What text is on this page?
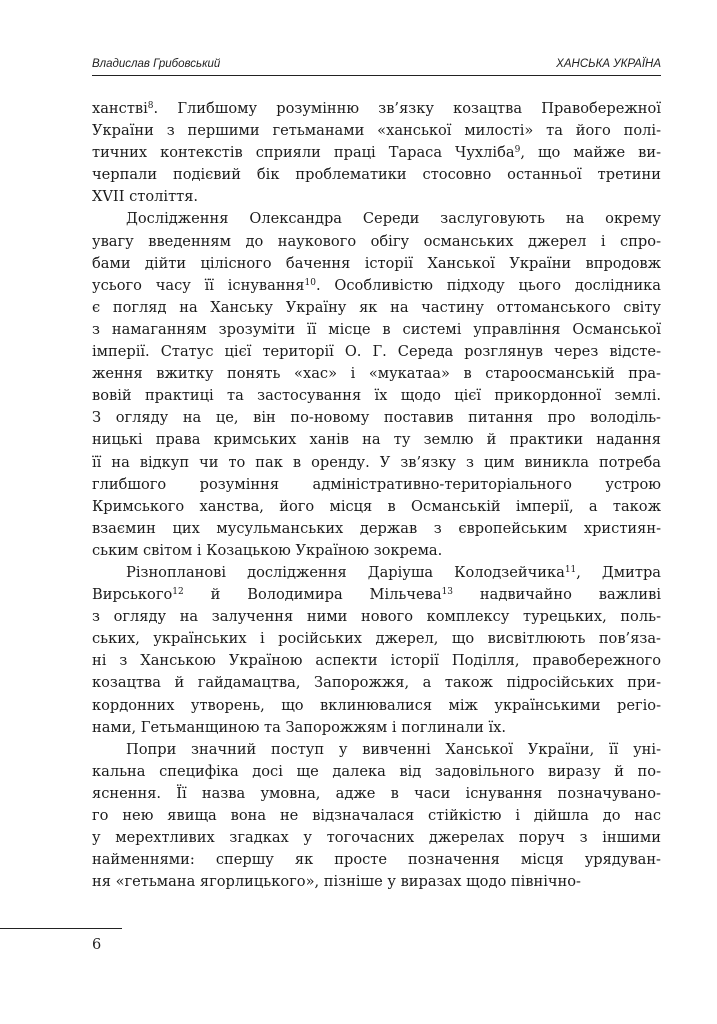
Владислав Грибовський	ХАНСЬКА УКРАЇНА

ханстві$^8$. Глибшому розумінню зв’язку козацтва Правобережної
України з першими гетьманами «ханської милості» та його полі-
тичних контекстів сприяли праці Тараса Чухліба$^9$, що майже ви-
черпали подієвий бік проблематики стосовно останньої третини
XVII століття.

Дослідження Олександра Середи заслуговують на окрему
увагу введенням до наукового обігу османських джерел і спро-
бами дійти цілісного бачення історії Ханської України впродовж
усього часу її існування$^{10}$. Особливістю підходу цього дослідника
є погляд на Ханську Україну як на частину оттоманського світу
з намаганням зрозуміти її місце в системі управління Османської
імперії. Статус цієї території О. Г. Середа розглянув через відсте-
ження вжитку понять «хас» і «мукатаа» в староосманській пра-
вовій практиці та застосування їх щодо цієї прикордонної землі.
З огляду на це, він по-новому поставив питання про володіль-
ницькі права кримських ханів на ту землю й практики надання
її на відкуп чи то пак в оренду. У зв’язку з цим виникла потреба
глибшого розуміння адміністративно-територіального устрою
Кримського ханства, його місця в Османській імперії, а також
взаємин цих мусульманських держав з європейським християн-
ським світом і Козацькою Україною зокрема.

Різнопланові дослідження Даріуша Колодзейчика$^{11}$, Дмитра
Вирського$^{12}$ й Володимира Мільчева$^{13}$ надвичайно важливі
з огляду на залучення ними нового комплексу турецьких, поль-
ських, українських і російських джерел, що висвітлюють пов’яза-
ні з Ханською Україною аспекти історії Поділля, правобережного
козацтва й гайдамацтва, Запорожжя, а також підросійських при-
кордонних утворень, що вклинювалися між українськими регіо-
нами, Гетьманщиною та Запорожжям і поглинали їх.

Попри значний поступ у вивченні Ханської України, її уні-
кальна специфіка досі ще далека від задовільного виразу й по-
яснення. Її назва умовна, адже в часи існування позначувано-
го нею явища вона не відзначалася стійкістю і дійшла до нас
у мерехтливих згадках у тогочасних джерелах поруч з іншими
найменнями: спершу як просте позначення місця урядуван-
ня «гетьмана ягорлицького», пізніше у виразах щодо північно-

6
